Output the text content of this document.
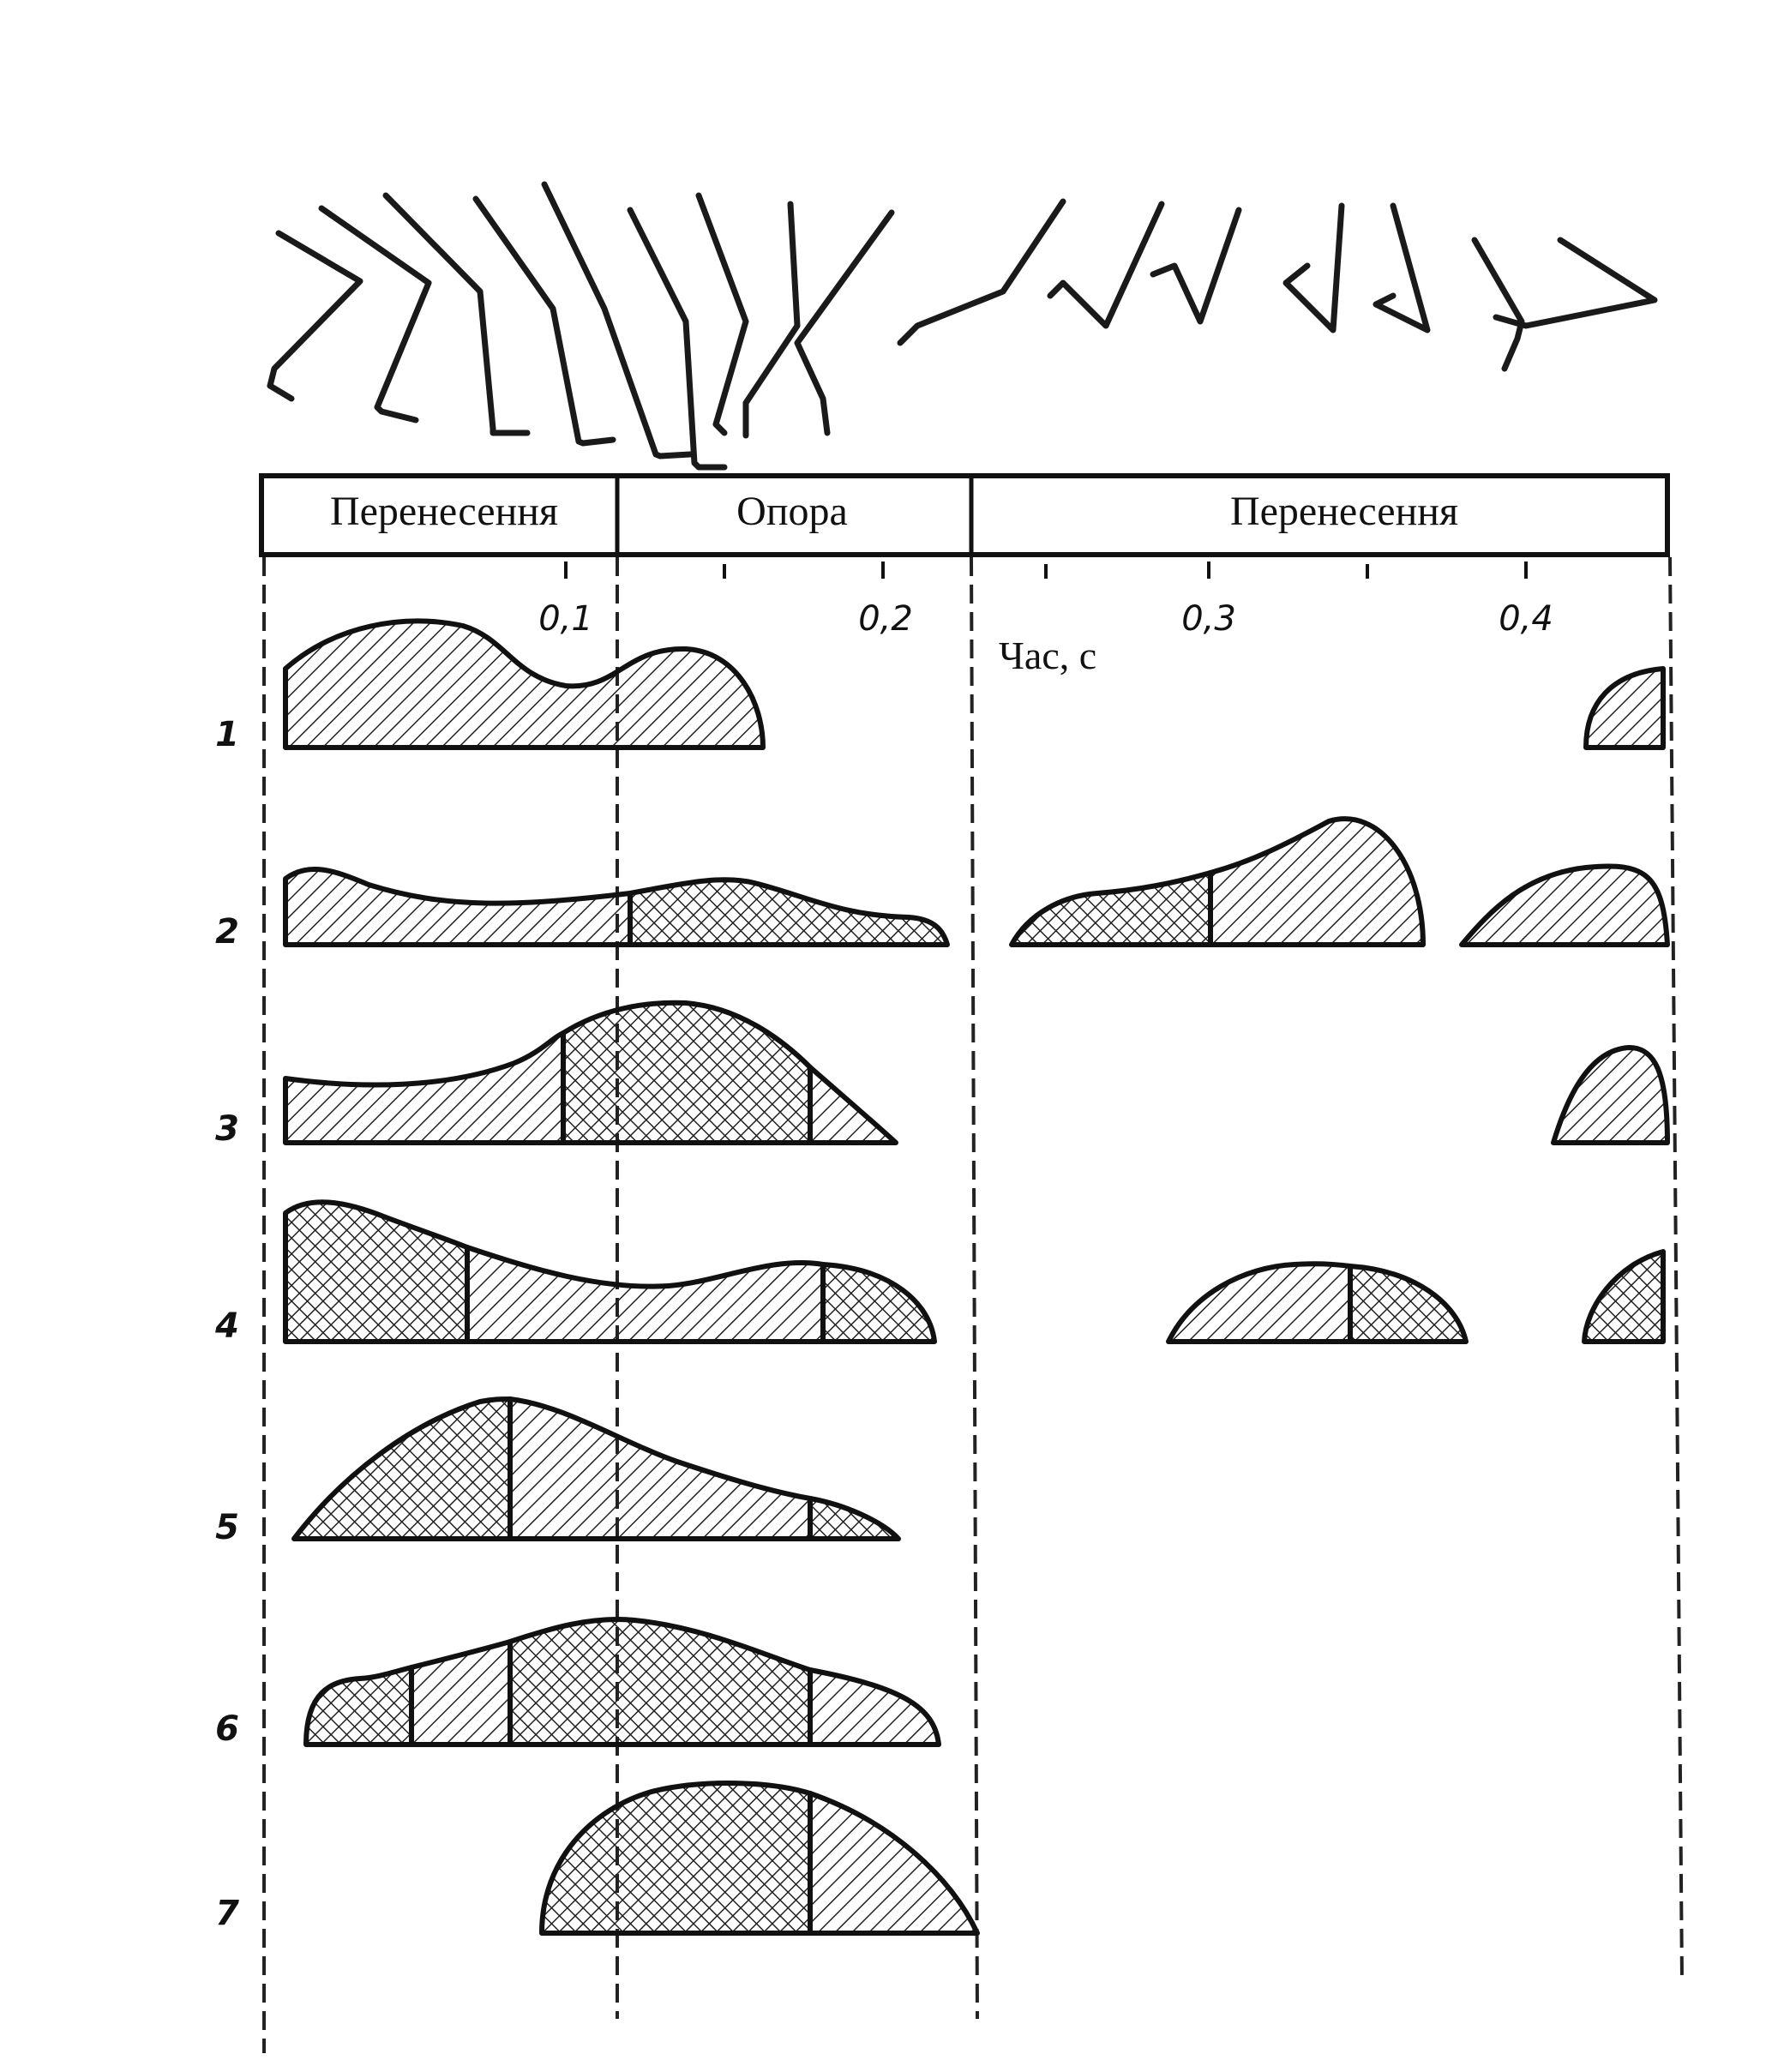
Перенесення	Опора	Перенесення
0,1	0,2	0,3	0,4
Час, с
1
2
3
4
5
6
7
